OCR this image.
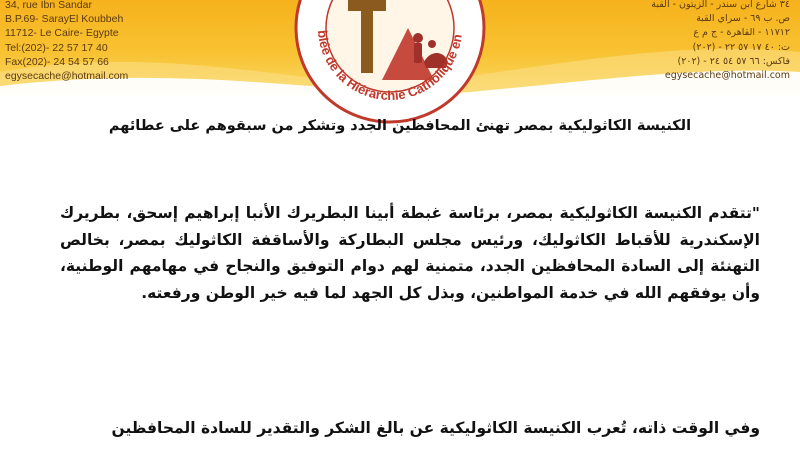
34, rue Ibn Sandar
B.P.69- SarayEl Koubbeh
11712- Le Caire- Egypte
Tel:(202)- 22 57 17 40
Fax(202)- 24 54 57 66
egysecache@hotmail.com
٣٤ شارع ابن سندر - الزيتون - القبة
ص. ب ٦٩ - سراي القبة
١١٧١٢ - القاهرة - ج م ع
ت: ٤٠ ١٧ ٥٧ ٢٢ - (٢٠٢)
فاكس: ٦٦ ٥٧ ٥٤ ٢٤ - (٢٠٢)
egysecache@hotmail.com
blée de la Hiérarchie Catholique en
الكنيسة الكاثوليكية بمصر تهنئ المحافظين الجدد وتشكر من سبقوهم على عطائهم
"تتقدم الكنيسة الكاثوليكية بمصر، برئاسة غبطة أبينا البطريرك الأنبا إبراهيم إسحق، بطريرك الإسكندرية للأقباط الكاثوليك، ورئيس مجلس البطاركة والأساقفة الكاثوليك بمصر، بخالص التهنئة إلى السادة المحافظين الجدد، متمنية لهم دوام التوفيق والنجاح في مهامهم الوطنية، وأن يوفقهم الله في خدمة المواطنين، وبذل كل الجهد لما فيه خير الوطن ورفعته.
وفي الوقت ذاته، تُعرب الكنيسة الكاثوليكية عن بالغ الشكر والتقدير للسادة المحافظين
